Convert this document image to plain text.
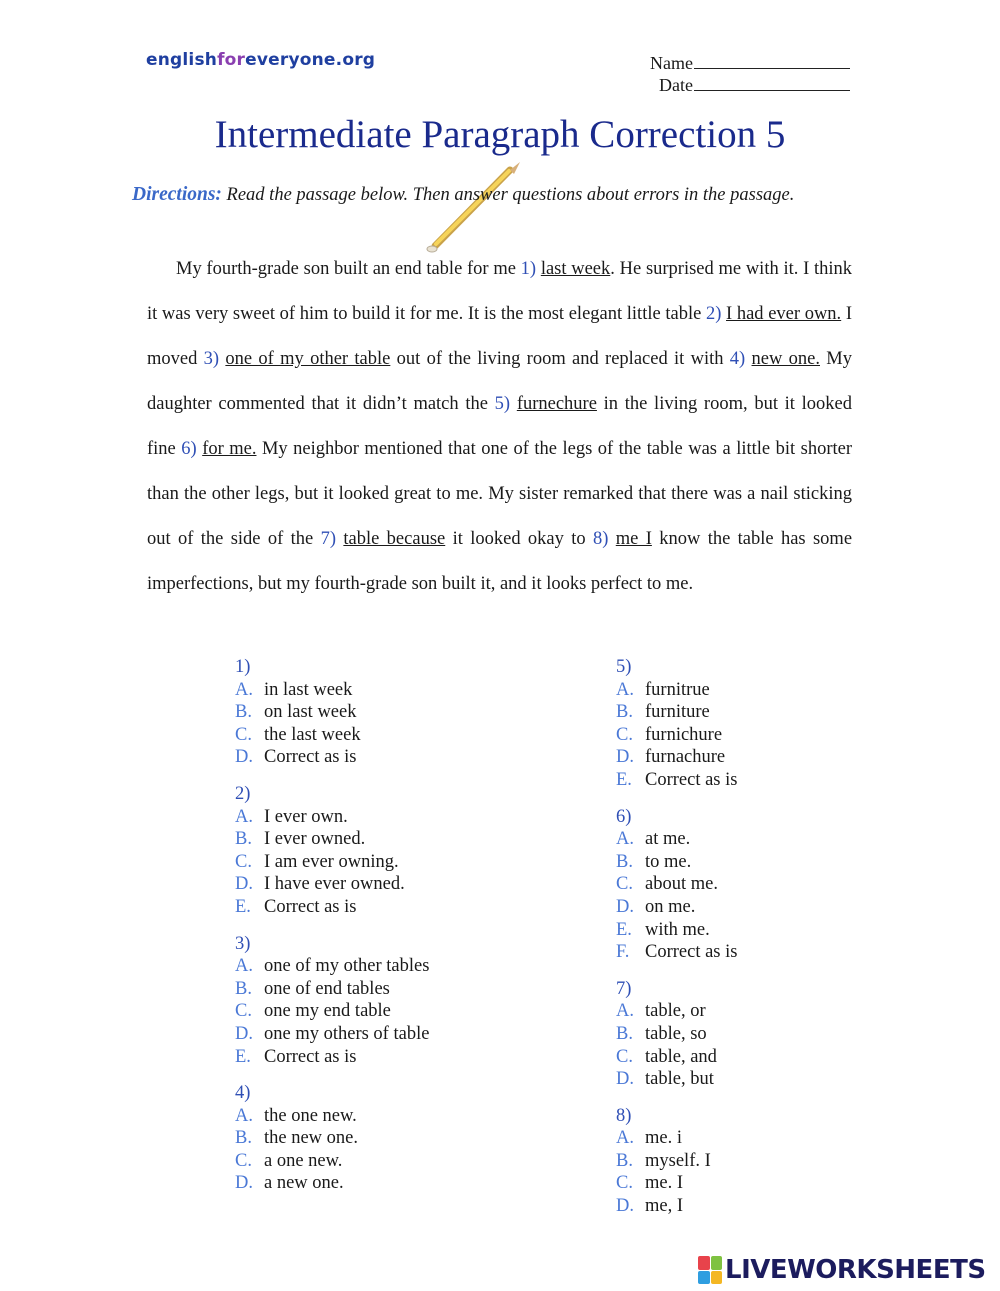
englishforeveryone.org	Name
Date
Intermediate Paragraph Correction 5
Directions: Read the passage below. Then answer questions about errors in the passage.
My fourth-grade son built an end table for me 1) last week. He surprised me with it. I think it was very sweet of him to build it for me. It is the most elegant little table 2) I had ever own. I moved 3) one of my other table out of the living room and replaced it with 4) new one. My daughter commented that it didn’t match the 5) furnechure in the living room, but it looked fine 6) for me. My neighbor mentioned that one of the legs of the table was a little bit shorter than the other legs, but it looked great to me. My sister remarked that there was a nail sticking out of the side of the 7) table because it looked okay to 8) me I know the table has some imperfections, but my fourth-grade son built it, and it looks perfect to me.
1)
A. in last week
B. on last week
C. the last week
D. Correct as is
2)
A. I ever own.
B. I ever owned.
C. I am ever owning.
D. I have ever owned.
E. Correct as is
3)
A. one of my other tables
B. one of end tables
C. one my end table
D. one my others of table
E. Correct as is
4)
A. the one new.
B. the new one.
C. a one new.
D. a new one.
5)
A. furnitrue
B. furniture
C. furnichure
D. furnachure
E. Correct as is
6)
A. at me.
B. to me.
C. about me.
D. on me.
E. with me.
F. Correct as is
7)
A. table, or
B. table, so
C. table, and
D. table, but
8)
A. me. i
B. myself. I
C. me. I
D. me, I
LIVEWORKSHEETS
